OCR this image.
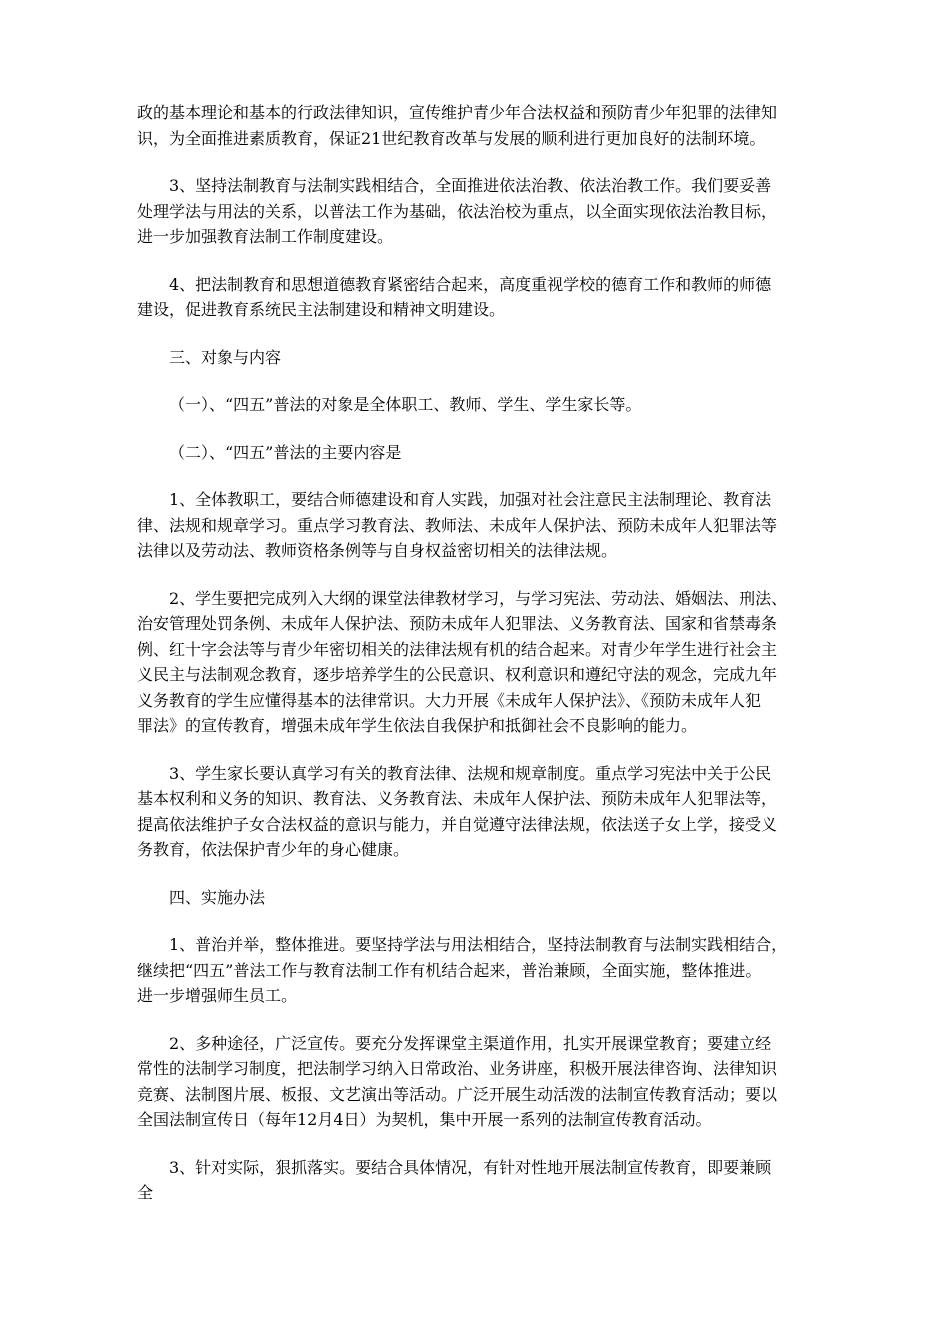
政的基本理论和基本的行政法律知识，宣传维护青少年合法权益和预防青少年犯罪的法律知
识，为全面推进素质教育，保证21世纪教育改革与发展的顺利进行更加良好的法制环境。
3、坚持法制教育与法制实践相结合，全面推进依法治教、依法治教工作。我们要妥善
处理学法与用法的关系，以普法工作为基础，依法治校为重点，以全面实现依法治教目标，
进一步加强教育法制工作制度建设。
4、把法制教育和思想道德教育紧密结合起来，高度重视学校的德育工作和教师的师德
建设，促进教育系统民主法制建设和精神文明建设。
三、对象与内容
（一）、“四五”普法的对象是全体职工、教师、学生、学生家长等。
（二）、“四五”普法的主要内容是
1、全体教职工，要结合师德建设和育人实践，加强对社会注意民主法制理论、教育法
律、法规和规章学习。重点学习教育法、教师法、未成年人保护法、预防未成年人犯罪法等
法律以及劳动法、教师资格条例等与自身权益密切相关的法律法规。
2、学生要把完成列入大纲的课堂法律教材学习，与学习宪法、劳动法、婚姻法、刑法、
治安管理处罚条例、未成年人保护法、预防未成年人犯罪法、义务教育法、国家和省禁毒条
例、红十字会法等与青少年密切相关的法律法规有机的结合起来。对青少年学生进行社会主
义民主与法制观念教育，逐步培养学生的公民意识、权利意识和遵纪守法的观念，完成九年
义务教育的学生应懂得基本的法律常识。大力开展《未成年人保护法》、《预防未成年人犯
罪法》的宣传教育，增强未成年学生依法自我保护和抵御社会不良影响的能力。
3、学生家长要认真学习有关的教育法律、法规和规章制度。重点学习宪法中关于公民
基本权利和义务的知识、教育法、义务教育法、未成年人保护法、预防未成年人犯罪法等，
提高依法维护子女合法权益的意识与能力，并自觉遵守法律法规，依法送子女上学，接受义
务教育，依法保护青少年的身心健康。
四、实施办法
1、普治并举，整体推进。要坚持学法与用法相结合，坚持法制教育与法制实践相结合，
继续把“四五”普法工作与教育法制工作有机结合起来，普治兼顾，全面实施，整体推进。
进一步增强师生员工。
2、多种途径，广泛宣传。要充分发挥课堂主渠道作用，扎实开展课堂教育；要建立经
常性的法制学习制度，把法制学习纳入日常政治、业务讲座，积极开展法律咨询、法律知识
竞赛、法制图片展、板报、文艺演出等活动。广泛开展生动活泼的法制宣传教育活动；要以
全国法制宣传日（每年12月4日）为契机，集中开展一系列的法制宣传教育活动。
3、针对实际，狠抓落实。要结合具体情况，有针对性地开展法制宣传教育，即要兼顾
全
